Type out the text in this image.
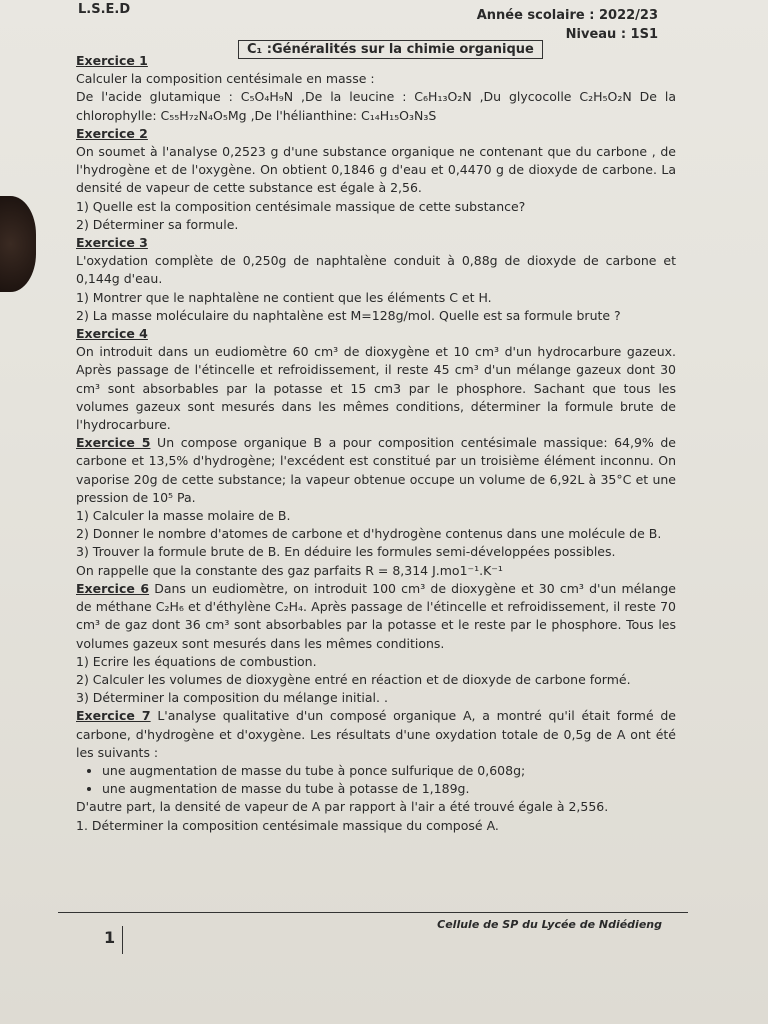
L.S.E.D	Année scolaire : 2022/23
Niveau : 1S1
C₁ :Généralités sur la chimie organique

Exercice 1

Calculer la composition centésimale en masse :

De l'acide glutamique : C₅O₄H₉N ,De la leucine : C₆H₁₃O₂N ,Du glycocolle C₂H₅O₂N De la chlorophylle: C₅₅H₇₂N₄O₅Mg ,De l'hélianthine: C₁₄H₁₅O₃N₃S

Exercice 2

On soumet à l'analyse 0,2523 g d'une substance organique ne contenant que du carbone , de l'hydrogène et de l'oxygène. On obtient 0,1846 g d'eau et 0,4470 g de dioxyde de carbone. La densité de vapeur de cette substance est égale à 2,56.

1) Quelle est la composition centésimale massique de cette substance?

2) Déterminer sa formule.

Exercice 3

L'oxydation complète de 0,250g de naphtalène conduit à 0,88g de dioxyde de carbone et 0,144g d'eau.

1) Montrer que le naphtalène ne contient que les éléments C et H.

2) La masse moléculaire du naphtalène est M=128g/mol. Quelle est sa formule brute ?

Exercice 4

On introduit dans un eudiomètre 60 cm³ de dioxygène et 10 cm³ d'un hydrocarbure gazeux. Après passage de l'étincelle et refroidissement, il reste 45 cm³ d'un mélange gazeux dont 30 cm³ sont absorbables par la potasse et 15 cm3 par le phosphore. Sachant que tous les volumes gazeux sont mesurés dans les mêmes conditions, déterminer la formule brute de l'hydrocarbure.

Exercice 5 Un compose organique B a pour composition centésimale massique: 64,9% de carbone et 13,5% d'hydrogène; l'excédent est constitué par un troisième élément inconnu. On vaporise 20g de cette substance; la vapeur obtenue occupe un volume de 6,92L à 35°C et une pression de 10⁵ Pa.

1) Calculer la masse molaire de B.

2) Donner le nombre d'atomes de carbone et d'hydrogène contenus dans une molécule de B.

3) Trouver la formule brute de B. En déduire les formules semi-développées possibles.

On rappelle que la constante des gaz parfaits R = 8,314 J.mo1⁻¹.K⁻¹

Exercice 6 Dans un eudiomètre, on introduit 100 cm³ de dioxygène et 30 cm³ d'un mélange de méthane C₂H₆ et d'éthylène C₂H₄. Après passage de l'étincelle et refroidissement, il reste 70 cm³ de gaz dont 36 cm³ sont absorbables par la potasse et le reste par le phosphore. Tous les volumes gazeux sont mesurés dans les mêmes conditions.

1) Ecrire les équations de combustion.

2) Calculer les volumes de dioxygène entré en réaction et de dioxyde de carbone formé.

3) Déterminer la composition du mélange initial. .

Exercice 7 L'analyse qualitative d'un composé organique A, a montré qu'il était formé de carbone, d'hydrogène et d'oxygène. Les résultats d'une oxydation totale de 0,5g de A ont été les suivants :

• une augmentation de masse du tube à ponce sulfurique de 0,608g;
• une augmentation de masse du tube à potasse de 1,189g.

D'autre part, la densité de vapeur de A par rapport à l'air a été trouvé égale à 2,556.

1. Déterminer la composition centésimale massique du composé A.

1
Cellule de SP du Lycée de Ndiédieng
